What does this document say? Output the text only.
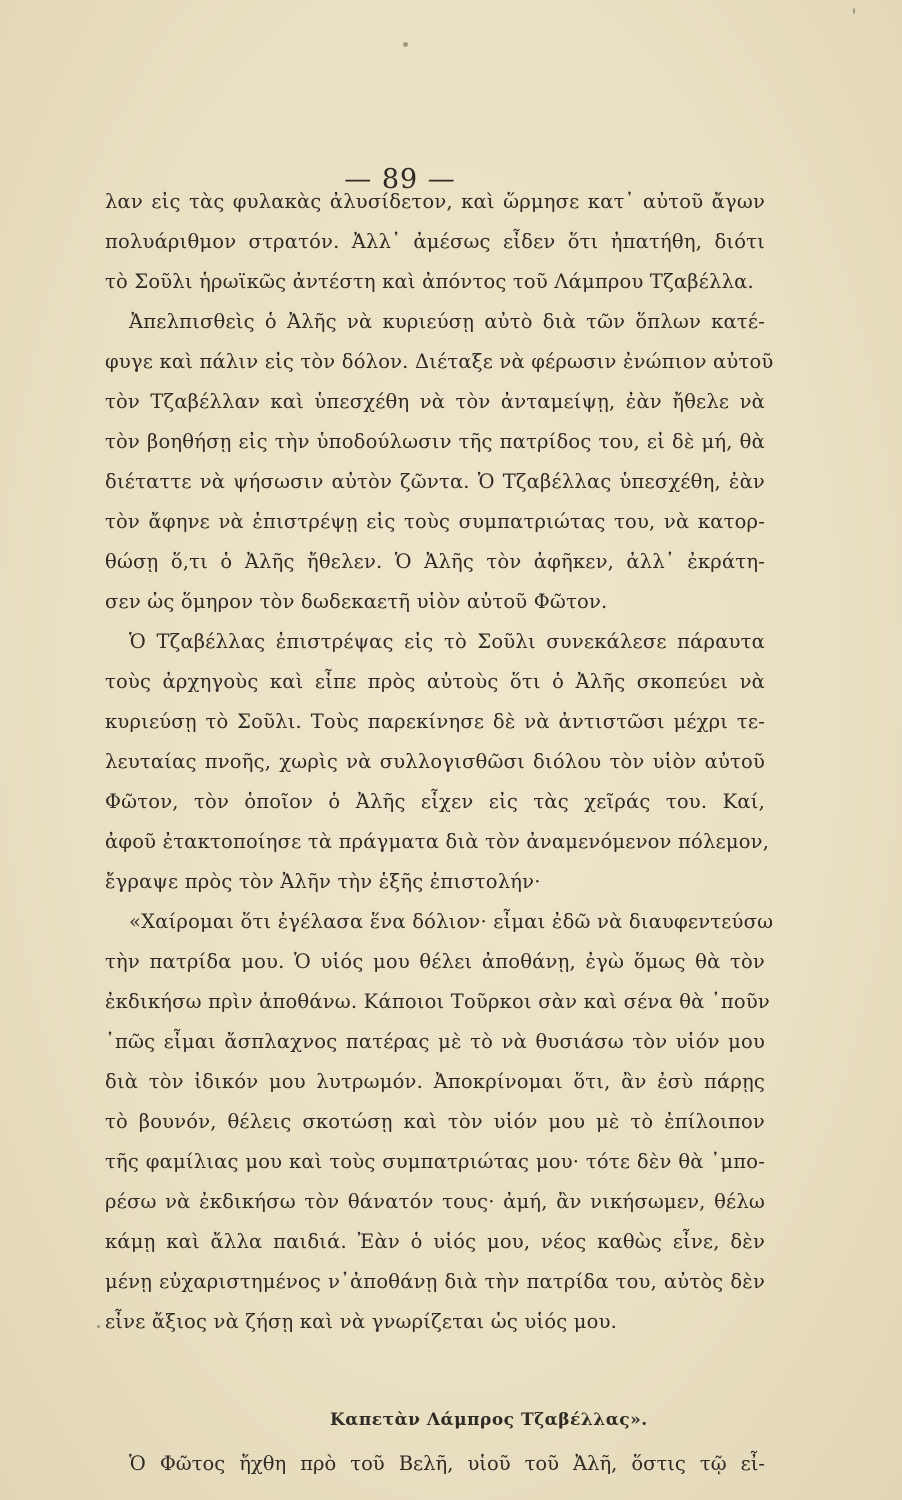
— 89 —
λαν εἰς τὰς φυλακὰς ἀλυσίδετον, καὶ ὥρμησε κατ᾽ αὐτοῦ ἄγων
πολυάριθμον στρατόν. Ἀλλ᾽ ἀμέσως εἶδεν ὅτι ἠπατήθη, διότι
τὸ Σοῦλι ἡρωϊκῶς ἀντέστη καὶ ἀπόντος τοῦ Λάμπρου Τζαβέλλα.
Ἀπελπισθεὶς ὁ Ἀλῆς νὰ κυριεύσῃ αὐτὸ διὰ τῶν ὅπλων κατέ-
φυγε καὶ πάλιν εἰς τὸν δόλον. Διέταξε νὰ φέρωσιν ἐνώπιον αὐτοῦ
τὸν Τζαβέλλαν καὶ ὑπεσχέθη νὰ τὸν ἀνταμείψῃ, ἐὰν ἤθελε νὰ
τὸν βοηθήσῃ εἰς τὴν ὑποδούλωσιν τῆς πατρίδος του, εἰ δὲ μή, θὰ
διέταττε νὰ ψήσωσιν αὐτὸν ζῶντα. Ὁ Τζαβέλλας ὑπεσχέθη, ἐὰν
τὸν ἄφηνε νὰ ἐπιστρέψῃ εἰς τοὺς συμπατριώτας του, νὰ κατορ-
θώσῃ ὅ,τι ὁ Ἀλῆς ἤθελεν. Ὁ Ἀλῆς τὸν ἀφῆκεν, ἀλλ᾽ ἐκράτη-
σεν ὡς ὅμηρον τὸν δωδεκαετῆ υἱὸν αὐτοῦ Φῶτον.
Ὁ Τζαβέλλας ἐπιστρέψας εἰς τὸ Σοῦλι συνεκάλεσε πάραυτα
τοὺς ἀρχηγοὺς καὶ εἶπε πρὸς αὐτοὺς ὅτι ὁ Ἀλῆς σκοπεύει νὰ
κυριεύσῃ τὸ Σοῦλι. Τοὺς παρεκίνησε δὲ νὰ ἀντιστῶσι μέχρι τε-
λευταίας πνοῆς, χωρὶς νὰ συλλογισθῶσι διόλου τὸν υἱὸν αὐτοῦ
Φῶτον, τὸν ὁποῖον ὁ Ἀλῆς εἶχεν εἰς τὰς χεῖράς του. Καί,
ἀφοῦ ἐτακτοποίησε τὰ πράγματα διὰ τὸν ἀναμενόμενον πόλεμον,
ἔγραψε πρὸς τὸν Ἀλῆν τὴν ἑξῆς ἐπιστολήν·
«Χαίρομαι ὅτι ἐγέλασα ἕνα δόλιον· εἶμαι ἐδῶ νὰ διαυφεντεύσω
τὴν πατρίδα μου. Ὁ υἱός μου θέλει ἀποθάνῃ, ἐγὼ ὅμως θὰ τὸν
ἐκδικήσω πρὶν ἀποθάνω. Κάποιοι Τοῦρκοι σὰν καὶ σένα θὰ ᾽ποῦν
᾽πῶς εἶμαι ἄσπλαχνος πατέρας μὲ τὸ νὰ θυσιάσω τὸν υἱόν μου
διὰ τὸν ἰδικόν μου λυτρωμόν. Ἀποκρίνομαι ὅτι, ἂν ἐσὺ πάρῃς
τὸ βουνόν, θέλεις σκοτώσῃ καὶ τὸν υἱόν μου μὲ τὸ ἐπίλοιπον
τῆς φαμίλιας μου καὶ τοὺς συμπατριώτας μου· τότε δὲν θὰ ᾽μπο-
ρέσω νὰ ἐκδικήσω τὸν θάνατόν τους· ἀμή, ἂν νικήσωμεν, θέλω
κάμῃ καὶ ἄλλα παιδιά. Ἐὰν ὁ υἱός μου, νέος καθὼς εἶνε, δὲν
μένῃ εὐχαριστημένος ν᾽ἀποθάνῃ διὰ τὴν πατρίδα του, αὐτὸς δὲν
εἶνε ἄξιος νὰ ζήσῃ καὶ νὰ γνωρίζεται ὡς υἱός μου.
Καπετὰν Λάμπρος Τζαβέλλας».
Ὁ Φῶτος ἤχθη πρὸ τοῦ Βελῆ, υἱοῦ τοῦ Ἀλῆ, ὅστις τῷ εἶ-
